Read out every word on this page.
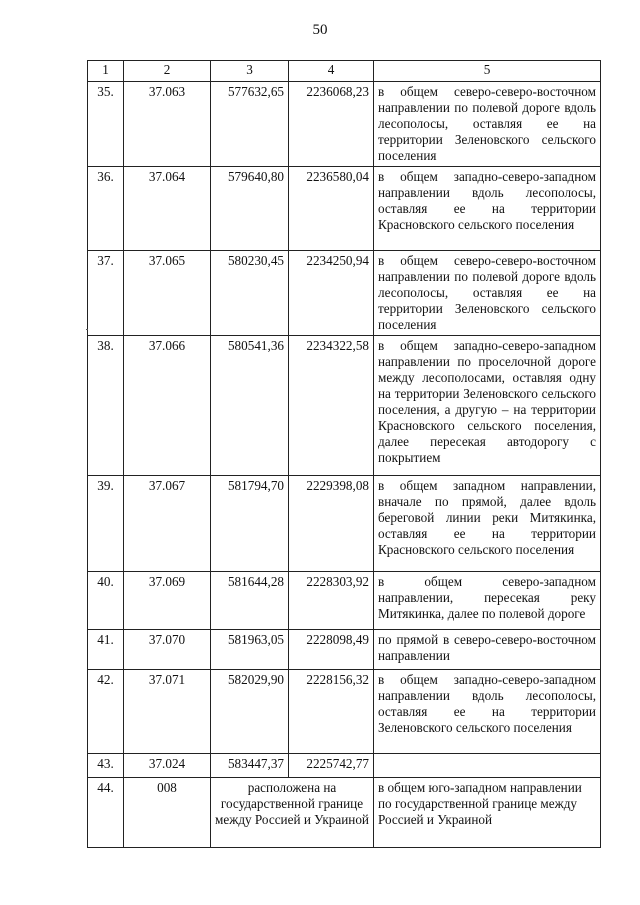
50
1	2	3	4	5
35.	37.063	577632,65	2236068,23	в общем северо-северо-восточном направлении по полевой дороге вдоль лесополосы, оставляя ее на территории Зеленовского сельского поселения
36.	37.064	579640,80	2236580,04	в общем западно-северо-западном направлении вдоль лесополосы, оставляя ее на территории Красновского сельского поселения
37.	37.065	580230,45	2234250,94	в общем северо-северо-восточном направлении по полевой дороге вдоль лесополосы, оставляя ее на территории Зеленовского сельского поселения
38.	37.066	580541,36	2234322,58	в общем западно-северо-западном направлении по проселочной дороге между лесополосами, оставляя одну на территории Зеленовского сельского поселения, а другую – на территории Красновского сельского поселения, далее пересекая автодорогу с покрытием
39.	37.067	581794,70	2229398,08	в общем западном направлении, вначале по прямой, далее вдоль береговой линии реки Митякинка, оставляя ее на территории Красновского сельского поселения
40.	37.069	581644,28	2228303,92	в общем северо-западном направлении, пересекая реку Митякинка, далее по полевой дороге
41.	37.070	581963,05	2228098,49	по прямой в северо-северо-восточном направлении
42.	37.071	582029,90	2228156,32	в общем западно-северо-западном направлении вдоль лесополосы, оставляя ее на территории Зеленовского сельского поселения
43.	37.024	583447,37	2225742,77	
44.	008	расположена на государственной границе между Россией и Украиной		в общем юго-западном направлении по государственной границе между Россией и Украиной
